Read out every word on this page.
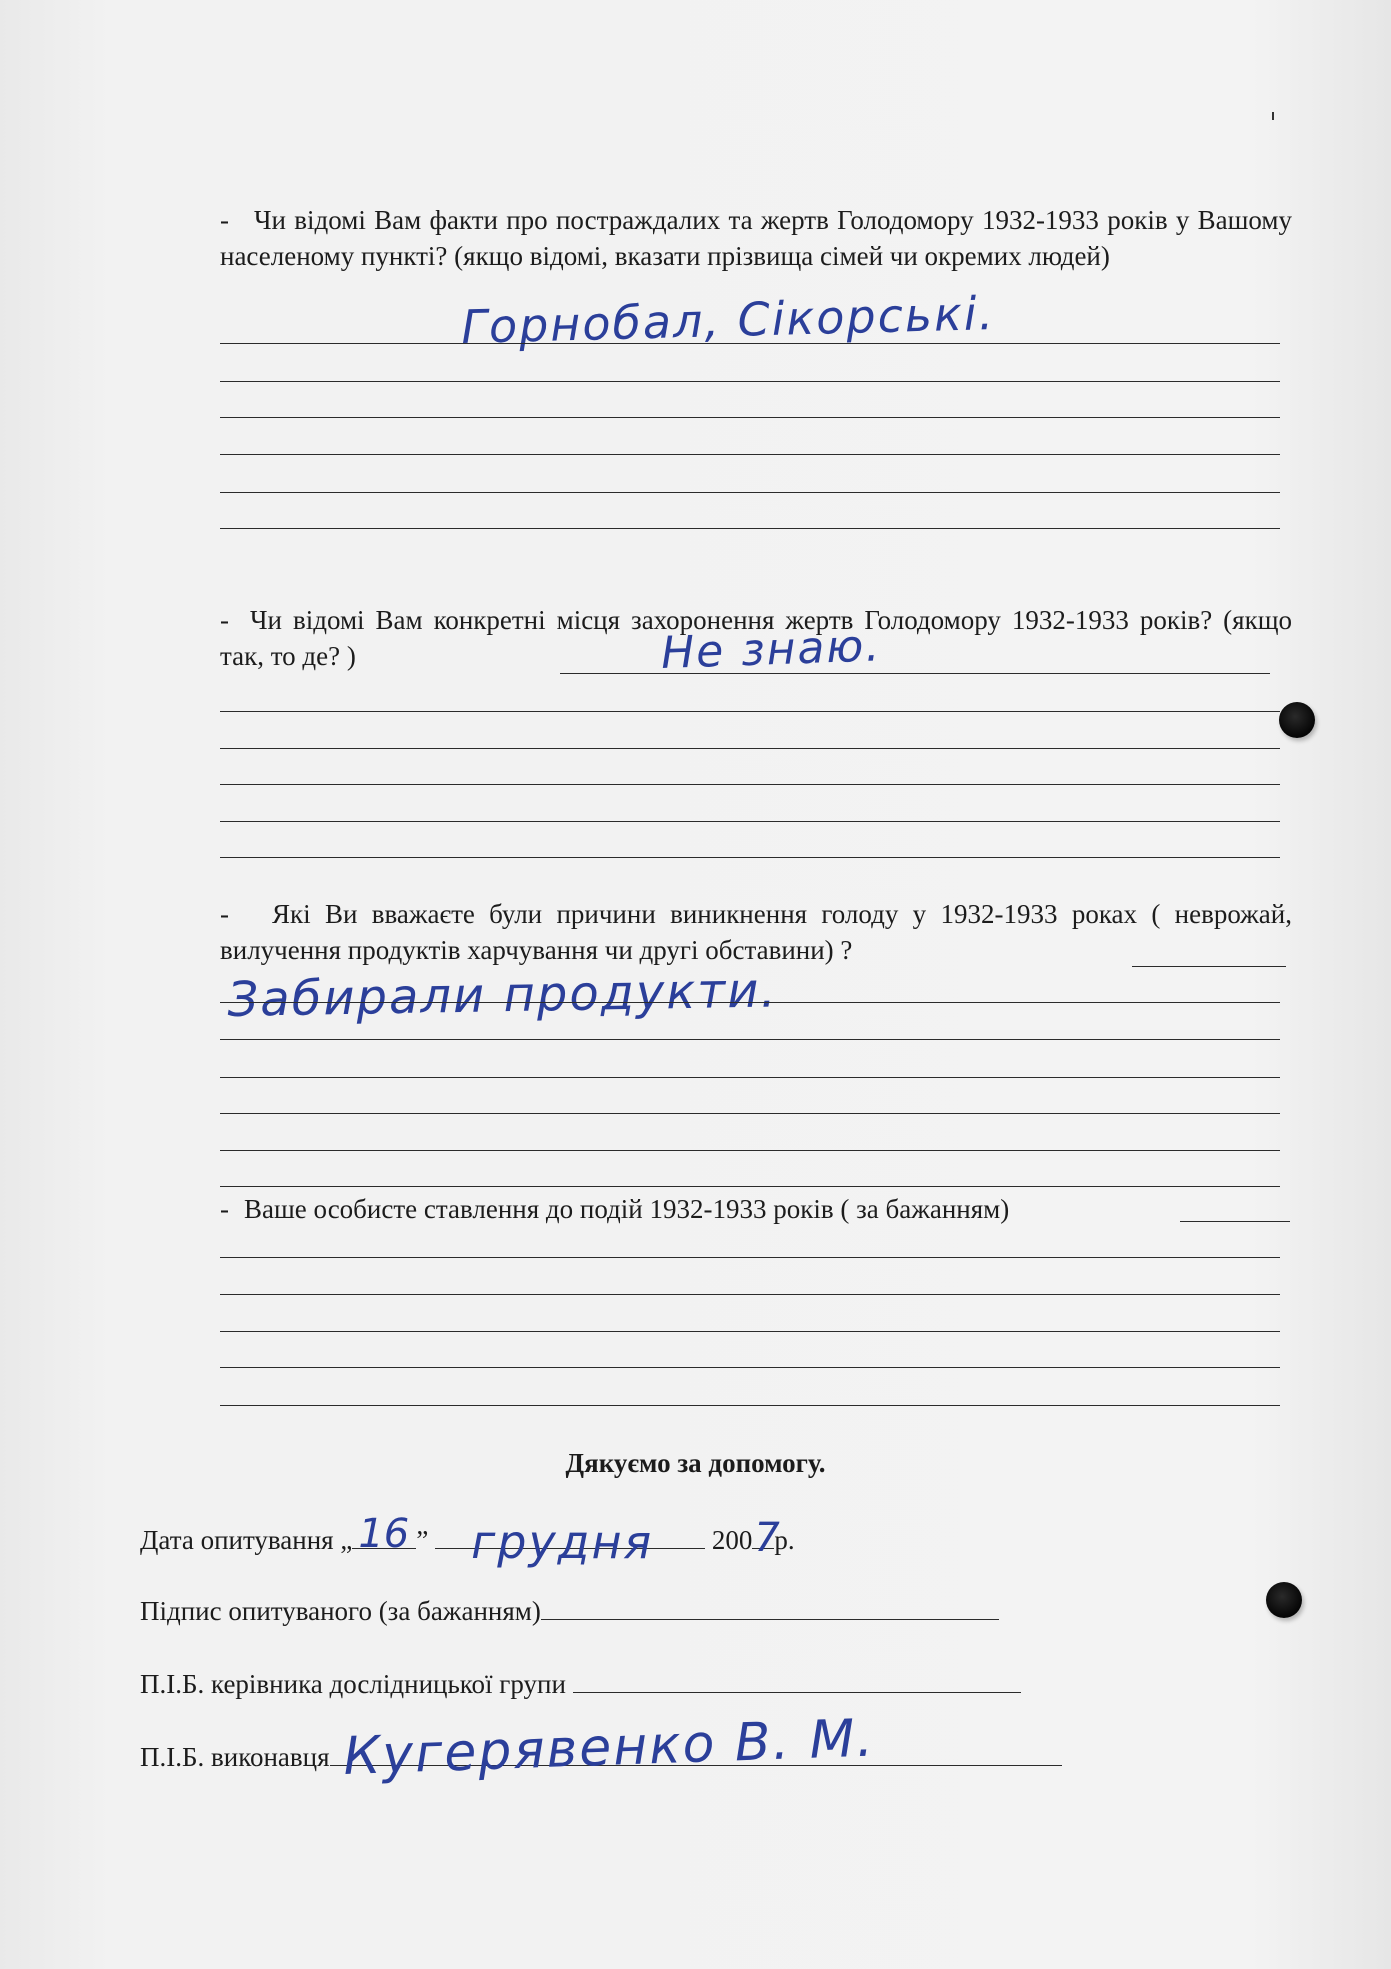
- Чи відомі Вам факти про постраждалих та жертв Голодомору 1932-1933 років у Вашому населеному пункті? (якщо відомі, вказати прізвища сімей чи окремих людей)
Горнобал, Сікорські.
- Чи відомі Вам конкретні місця захоронення жертв Голодомору 1932-1933 років? (якщо так, то де? )	Не знаю.
- Які Ви вважаєте були причини виникнення голоду у 1932-1933 роках ( неврожай, вилучення продуктів харчування чи другі обставини) ?
Забирали продукти.
- Ваше особисте ставлення до подій 1932-1933 років ( за бажанням)
Дякуємо за допомогу.
Дата опитування „ 16 ” грудня 200 7
р.
Підпис опитуваного (за бажанням)
П.І.Б. керівника дослідницької групи
П.І.Б. виконавця Кугерявенко В. М.
